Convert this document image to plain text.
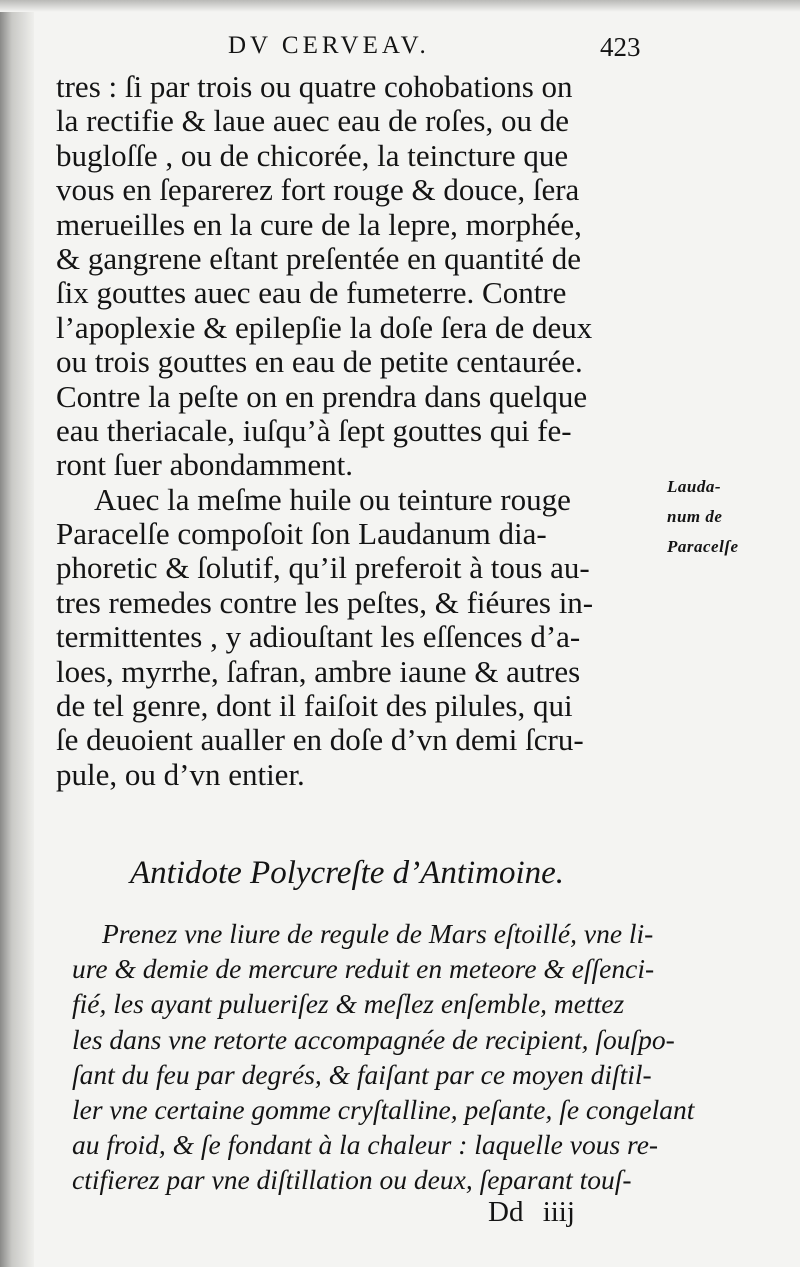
DV CERVEAV.	423
tres : ſi par trois ou quatre cohobations on
la rectifie & laue auec eau de roſes, ou de
buglоſſe , ou de chicorée, la teincture que
vous en ſeparerez fort rouge & douce, ſera
merueilles en la cure de la lepre, morphée,
& gangrene eſtant preſentée en quantité de
ſix gouttes auec eau de fumeterre. Contre
l’apoplexie & epilepſie la doſe ſera de deux
ou trois gouttes en eau de petite centaurée.
Contre la peſte on en prendra dans quelque
eau theriacale, iuſqu’à ſept gouttes qui fe-
ront ſuer abondamment.
Auec la meſme huile ou teinture rouge
Paracelſe compoſoit ſon Laudanum dia-
phoretic & ſolutif, qu’il preferoit à tous au-
tres remedes contre les peſtes, & fiéures in-
termittentes , y adiouſtant les eſſences d’a-
loes, myrrhe, ſafran, ambre iaune & autres
de tel genre, dont il faiſoit des pilules, qui
ſe deuoient aualler en doſe d’vn demi ſcru-
pule, ou d’vn entier.
Lauda-
num de
Paracelſe
Antidote Polycreſte d’Antimoine.
Prenez vne liure de regule de Mars eſtoillé, vne li-
ure & demie de mercure reduit en meteore & eſſenci-
fié, les ayant pulueriſez & meſlez enſemble, mettez
les dans vne retorte accompagnée de recipient, ſouſpo-
ſant du feu par degrés, & faiſant par ce moyen diſtil-
ler vne certaine gomme cryſtalline, peſante, ſe congelant
au froid, & ſe fondant à la chaleur : laquelle vous re-
ctifierez par vne diſtillation ou deux, ſeparant touſ-
Dd iiij
